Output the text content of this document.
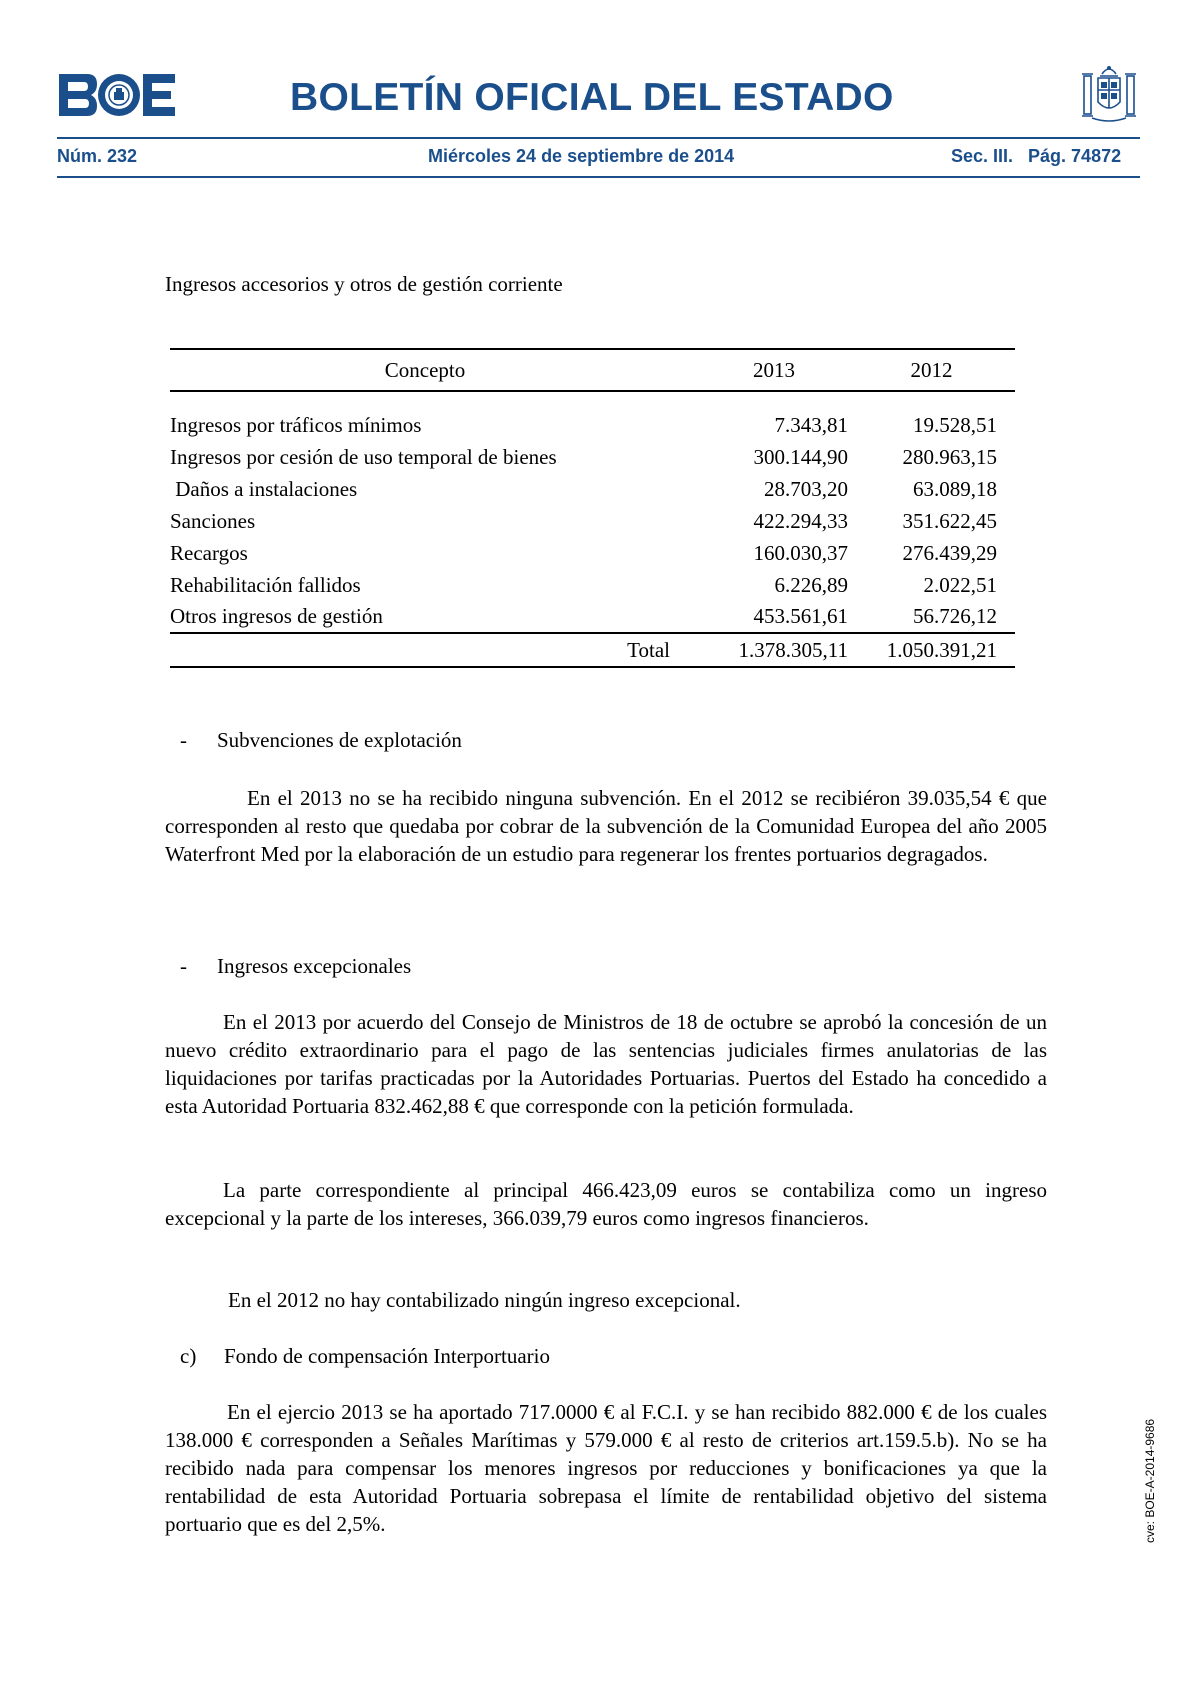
BOLETÍN OFICIAL DEL ESTADO
Núm. 232	Miércoles 24 de septiembre de 2014	Sec. III.   Pág. 74872
Ingresos accesorios y otros de gestión corriente
Concepto	2013	2012

Ingresos por tráficos mínimos	7.343,81	19.528,51
Ingresos por cesión de uso temporal de bienes	300.144,90	280.963,15
Daños a instalaciones	28.703,20	63.089,18
Sanciones	422.294,33	351.622,45
Recargos	160.030,37	276.439,29
Rehabilitación fallidos	6.226,89	2.022,51
Otros ingresos de gestión	453.561,61	56.726,12
Total	1.378.305,11	1.050.391,21
- Subvenciones de explotación
En el 2013 no se ha recibido ninguna subvención. En el 2012 se recibiéron 39.035,54 € que corresponden al resto que quedaba por cobrar de la subvención de la Comunidad Europea del año 2005 Waterfront Med por la elaboración de un estudio para regenerar los frentes portuarios degragados.
- Ingresos excepcionales
En el 2013 por acuerdo del Consejo de Ministros de 18 de octubre se aprobó la concesión de un nuevo crédito extraordinario para el pago de las sentencias judiciales firmes anulatorias de las liquidaciones por tarifas practicadas por la Autoridades Portuarias. Puertos del Estado ha concedido a esta Autoridad Portuaria 832.462,88 € que corresponde con la petición formulada.
La parte correspondiente al principal 466.423,09 euros se contabiliza como un ingreso excepcional y la parte de los intereses, 366.039,79 euros como ingresos financieros.
En el 2012 no hay contabilizado ningún ingreso excepcional.
c) Fondo de compensación Interportuario
En el ejercio 2013 se ha aportado 717.0000 € al F.C.I. y se han recibido 882.000 € de los cuales 138.000 € corresponden a Señales Marítimas y 579.000 € al resto de criterios art.159.5.b). No se ha recibido nada para compensar los menores ingresos por reducciones y bonificaciones ya que la rentabilidad de esta Autoridad Portuaria sobrepasa el límite de rentabilidad objetivo del sistema portuario que es del 2,5%.	cve: BOE-A-2014-9686
